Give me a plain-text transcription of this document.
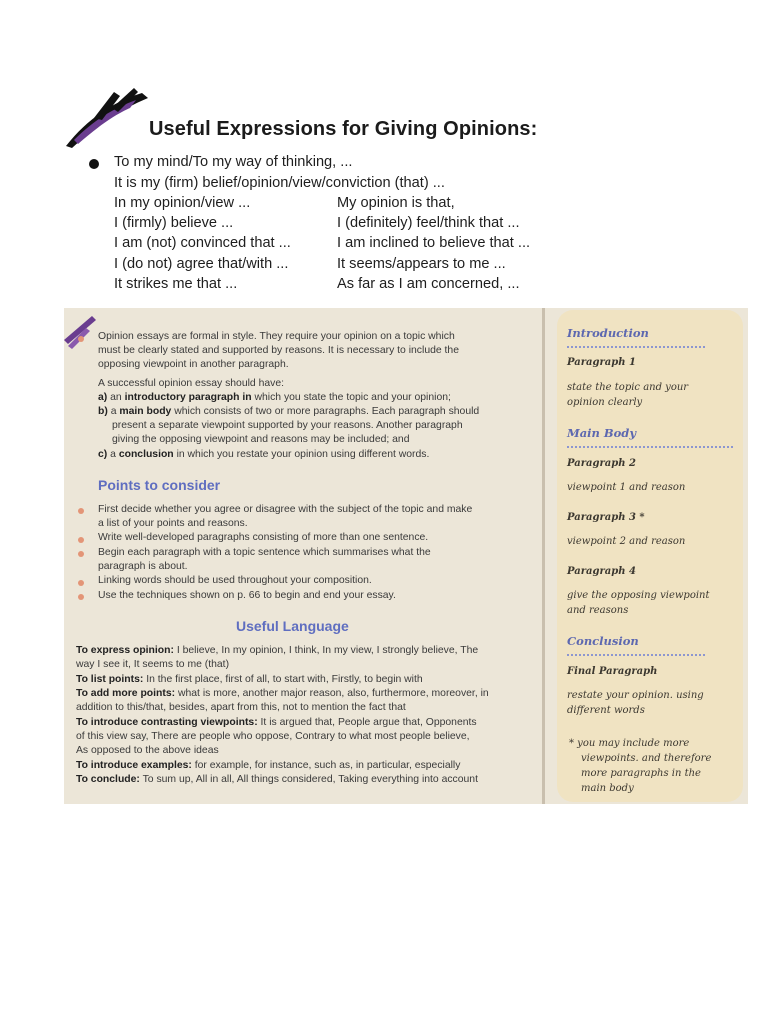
Useful Expressions for Giving Opinions:
To my mind/To my way of thinking, ...
It is my (firm) belief/opinion/view/conviction (that) ...
In my opinion/view ...
I (firmly) believe ...
I am (not) convinced that ...
I (do not) agree that/with ...
It strikes me that ...
My opinion is that,
I (definitely) feel/think that ...
I am inclined to believe that ...
It seems/appears to me ...
As far as I am concerned, ...
Opinion essays are formal in style. They require your opinion on a topic which
must be clearly stated and supported by reasons. It is necessary to include the
opposing viewpoint in another paragraph.
A successful opinion essay should have:
a) an introductory paragraph in which you state the topic and your opinion;
b) a main body which consists of two or more paragraphs. Each paragraph should
present a separate viewpoint supported by your reasons. Another paragraph
giving the opposing viewpoint and reasons may be included; and
c) a conclusion in which you restate your opinion using different words.
Points to consider
First decide whether you agree or disagree with the subject of the topic and make
a list of your points and reasons.
Write well-developed paragraphs consisting of more than one sentence.
Begin each paragraph with a topic sentence which summarises what the
paragraph is about.
Linking words should be used throughout your composition.
Use the techniques shown on p. 66 to begin and end your essay.
Useful Language
To express opinion: I believe, In my opinion, I think, In my view, I strongly believe, The
way I see it, It seems to me (that)
To list points: In the first place, first of all, to start with, Firstly, to begin with
To add more points: what is more, another major reason, also, furthermore, moreover, in
addition to this/that, besides, apart from this, not to mention the fact that
To introduce contrasting viewpoints: It is argued that, People argue that, Opponents
of this view say, There are people who oppose, Contrary to what most people believe,
As opposed to the above ideas
To introduce examples: for example, for instance, such as, in particular, especially
To conclude: To sum up, All in all, All things considered, Taking everything into account
Introduction
Paragraph 1
state the topic and your
opinion clearly
Main Body
Paragraph 2
viewpoint 1 and reason
Paragraph 3 *
viewpoint 2 and reason
Paragraph 4
give the opposing viewpoint
and reasons
Conclusion
Final Paragraph
restate your opinion. using
different words
* you may include more
viewpoints. and therefore
more paragraphs in the
main body
